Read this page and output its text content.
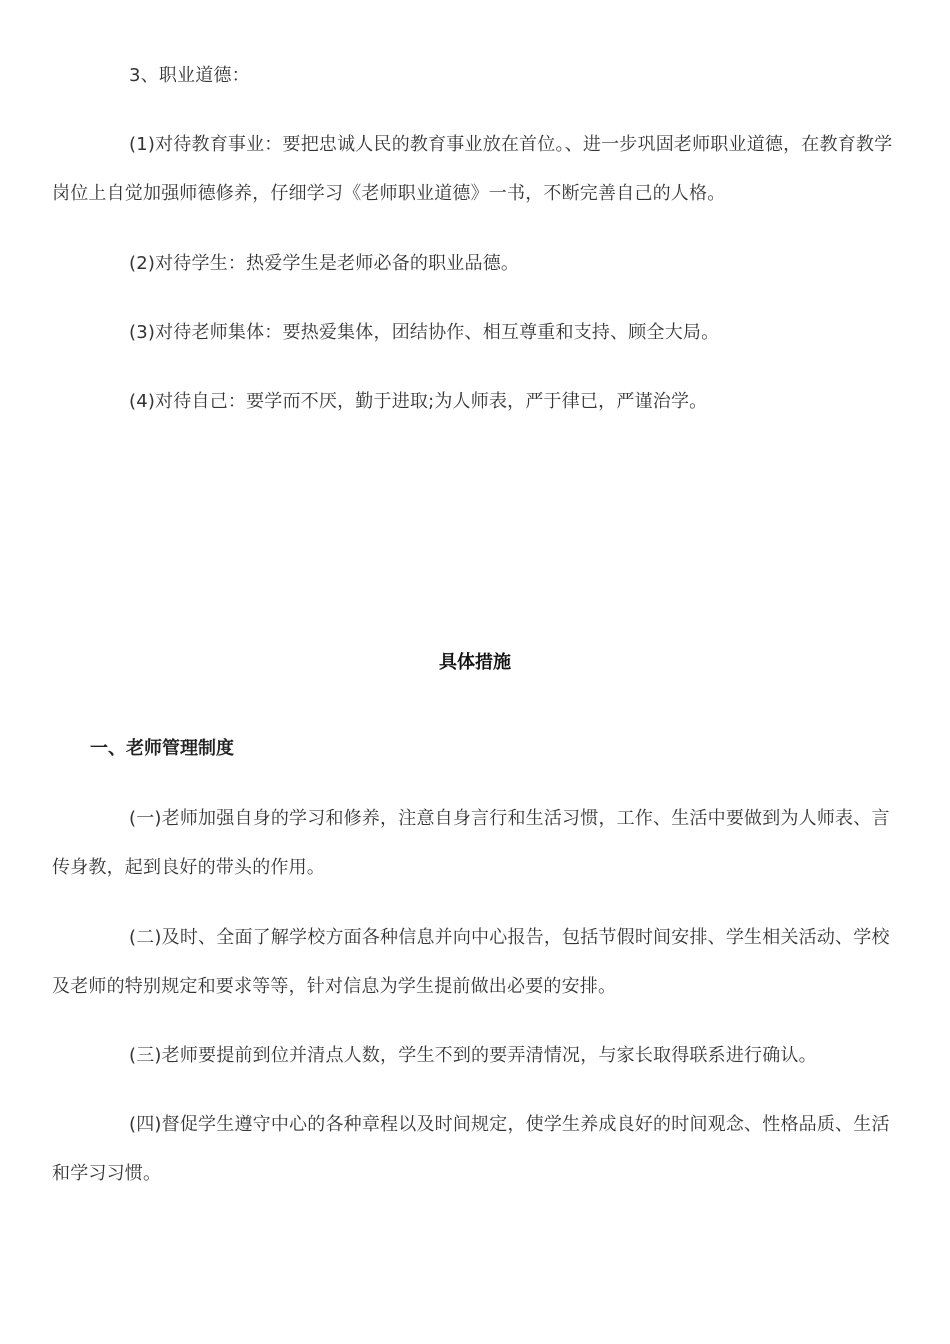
3、职业道德：

(1)对待教育事业：要把忠诚人民的教育事业放在首位。、进一步巩固老师职业道德，在教育教学岗位上自觉加强师德修养，仔细学习《老师职业道德》一书，不断完善自己的人格。

(2)对待学生：热爱学生是老师必备的职业品德。

(3)对待老师集体：要热爱集体，团结协作、相互尊重和支持、顾全大局。

(4)对待自己：要学而不厌，勤于进取;为人师表，严于律已，严谨治学。

具体措施
一、老师管理制度

(一)老师加强自身的学习和修养，注意自身言行和生活习惯，工作、生活中要做到为人师表、言传身教，起到良好的带头的作用。

(二)及时、全面了解学校方面各种信息并向中心报告，包括节假时间安排、学生相关活动、学校及老师的特别规定和要求等等，针对信息为学生提前做出必要的安排。

(三)老师要提前到位并清点人数，学生不到的要弄清情况，与家长取得联系进行确认。

(四)督促学生遵守中心的各种章程以及时间规定，使学生养成良好的时间观念、性格品质、生活和学习习惯。
